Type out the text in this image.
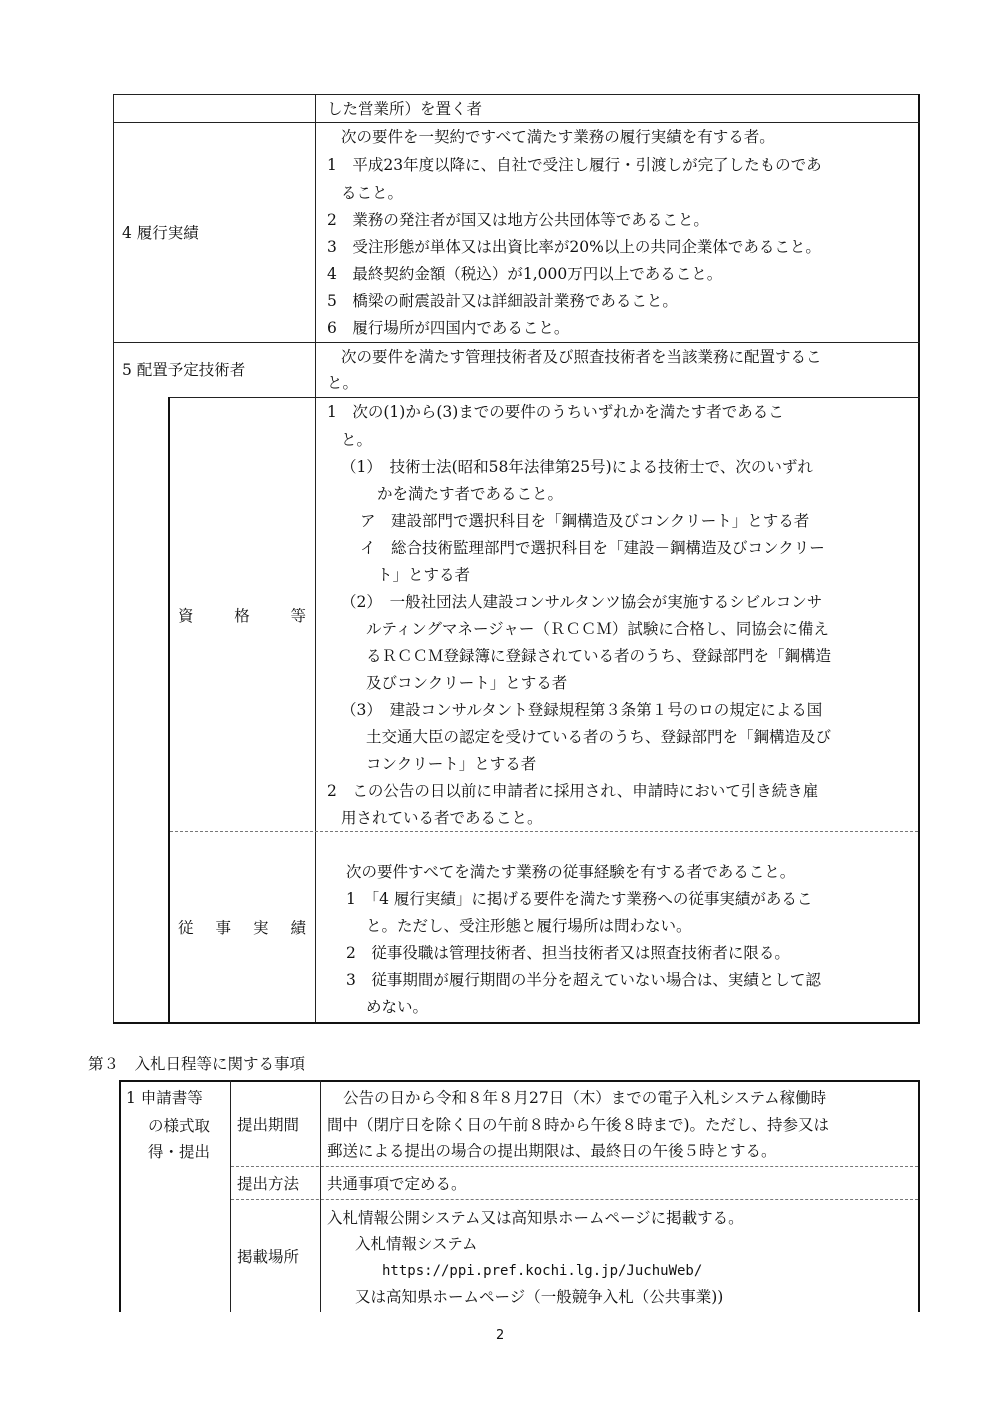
した営業所）を置く者
4 履行実績
次の要件を一契約ですべて満たす業務の履行実績を有する者。
1　平成23年度以降に、自社で受注し履行・引渡しが完了したものであ
ること。
2　業務の発注者が国又は地方公共団体等であること。
3　受注形態が単体又は出資比率が20%以上の共同企業体であること。
4　最終契約金額（税込）が1,000万円以上であること。
5　橋梁の耐震設計又は詳細設計業務であること。
6　履行場所が四国内であること。
5 配置予定技術者
次の要件を満たす管理技術者及び照査技術者を当該業務に配置するこ
と。
資	格	等
1　次の(1)から(3)までの要件のうちいずれかを満たす者であるこ
と。
（1）　技術士法(昭和58年法律第25号)による技術士で、次のいずれ
かを満たす者であること。
ア　建設部門で選択科目を「鋼構造及びコンクリート」とする者
イ　総合技術監理部門で選択科目を「建設－鋼構造及びコンクリー
ト」とする者
（2）　一般社団法人建設コンサルタンツ協会が実施するシビルコンサ
ルティングマネージャー（ＲＣＣＭ）試験に合格し、同協会に備え
るＲＣＣＭ登録簿に登録されている者のうち、登録部門を「鋼構造
及びコンクリート」とする者
（3）　建設コンサルタント登録規程第３条第１号のロの規定による国
土交通大臣の認定を受けている者のうち、登録部門を「鋼構造及び
コンクリート」とする者
2　この公告の日以前に申請者に採用され、申請時において引き続き雇
用されている者であること。
従 事 実 績
次の要件すべてを満たす業務の従事経験を有する者であること。
1　「4 履行実績」に掲げる要件を満たす業務への従事実績があるこ
と。ただし、受注形態と履行場所は問わない。
2　従事役職は管理技術者、担当技術者又は照査技術者に限る。
3　従事期間が履行期間の半分を超えていない場合は、実績として認
めない。
第３　入札日程等に関する事項
1 申請書等
の様式取
得・提出
提出期間
公告の日から令和８年８月27日（木）までの電子入札システム稼働時
間中（閉庁日を除く日の午前８時から午後８時まで)。ただし、持参又は
郵送による提出の場合の提出期限は、最終日の午後５時とする。
提出方法 共通事項で定める。
掲載場所
入札情報公開システム又は高知県ホームページに掲載する。
入札情報システム
https://ppi.pref.kochi.lg.jp/JuchuWeb/
又は高知県ホームページ（一般競争入札（公共事業))
2
